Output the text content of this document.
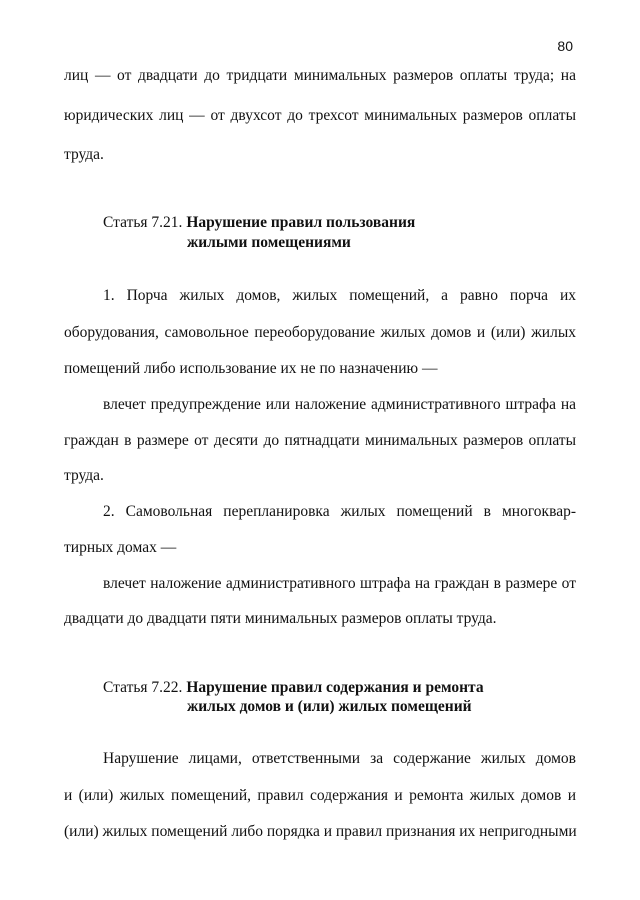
80
лиц — от двадцати до тридцати минимальных размеров оплаты труда; на
юридических лиц — от двухсот до трехсот минимальных размеров оплаты
труда.
Статья 7.21. Нарушение правил пользования
жилыми помещениями
1. Порча жилых домов, жилых помещений, а равно порча их
оборудования, самовольное переоборудование жилых домов и (или) жилых
помещений либо использование их не по назначению —
влечет предупреждение или наложение административного штрафа на
граждан в размере от десяти до пятнадцати минимальных размеров оплаты
труда.
2. Самовольная перепланировка жилых помещений в многоквар-
тирных домах —
влечет наложение административного штрафа на граждан в размере от
двадцати до двадцати пяти минимальных размеров оплаты труда.
Статья 7.22. Нарушение правил содержания и ремонта
жилых домов и (или) жилых помещений
Нарушение лицами, ответственными за содержание жилых домов
и (или) жилых помещений, правил содержания и ремонта жилых домов и
(или) жилых помещений либо порядка и правил признания их непригодными
